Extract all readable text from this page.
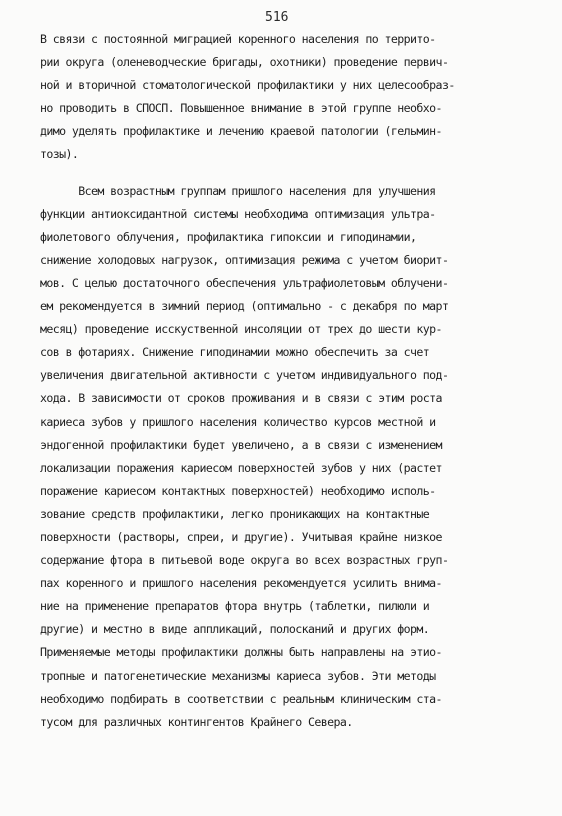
516
В связи с постоянной миграцией коренного населения по террито-
рии округа (оленеводческие бригады, охотники) проведение первич-
ной и вторичной стоматологической профилактики у них целесообраз-
но проводить в СПОСП. Повышенное внимание в этой группе необхо-
димо уделять профилактике и лечению краевой патологии (гельмин-
тозы).
Всем возрастным группам пришлого населения для улучшения
функции антиоксидантной системы необходима оптимизация ультра-
фиолетового облучения, профилактика гипоксии и гиподинамии,
снижение холодовых нагрузок, оптимизация режима с учетом биорит-
мов. С целью достаточного обеспечения ультрафиолетовым облучени-
ем рекомендуется в зимний период (оптимально - с декабря по март
месяц) проведение исскуственной инсоляции от трех до шести кур-
сов в фотариях. Снижение гиподинамии можно обеспечить за счет
увеличения двигательной активности с учетом индивидуального под-
хода. В зависимости от сроков проживания и в связи с этим роста
кариеса зубов у пришлого населения количество курсов местной и
эндогенной профилактики будет увеличено, а в связи с изменением
локализации поражения кариесом поверхностей зубов у них (растет
поражение кариесом контактных поверхностей) необходимо исполь-
зование средств профилактики, легко проникающих на контактные
поверхности (растворы, спреи, и другие). Учитывая крайне низкое
содержание фтора в питьевой воде округа во всех возрастных груп-
пах коренного и пришлого населения рекомендуется усилить внима-
ние на применение препаратов фтора внутрь (таблетки, пилюли и
другие) и местно в виде аппликаций, полосканий и других форм.
Применяемые методы профилактики должны быть направлены на этио-
тропные и патогенетические механизмы кариеса зубов. Эти методы
необходимо подбирать в соответствии с реальным клиническим ста-
тусом для различных контингентов Крайнего Севера.
